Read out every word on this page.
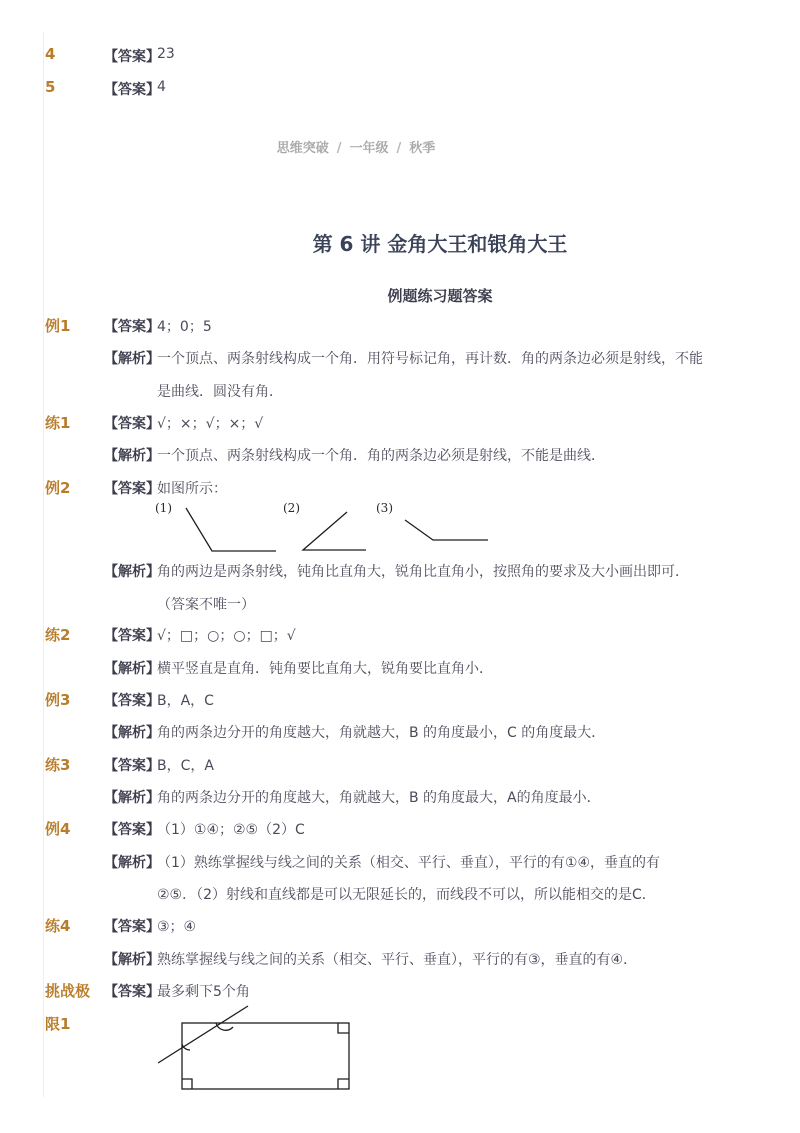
4	【答案】
23
5	【答案】
4
思维突破 / 一年级 / 秋季
第 6 讲 金角大王和银角大王
例题练习题答案
例1 【答案】
4；0；5
【解析】
一个顶点、两条射线构成一个角．用符号标记角，再计数．角的两条边必须是射线，不能
是曲线．圆没有角．
练1 【答案】
√；×；√；×；√
【解析】
一个顶点、两条射线构成一个角．角的两条边必须是射线，不能是曲线．
例2 【答案】
如图所示：
(1)	(2)	(3)
【解析】
角的两边是两条射线，钝角比直角大，锐角比直角小，按照角的要求及大小画出即可．
（答案不唯一）
练2 【答案】
√；□；○；○；□；√
【解析】
横平竖直是直角．钝角要比直角大，锐角要比直角小．
例3 【答案】
B，A，C
【解析】
角的两条边分开的角度越大，角就越大，B 的角度最小，C 的角度最大．
练3 【答案】
B，C，A
【解析】
角的两条边分开的角度越大，角就越大，B 的角度最大，A的角度最小．
例4 【答案】
（1）①④；②⑤（2）C
【解析】
（1）熟练掌握线与线之间的关系（相交、平行、垂直），平行的有①④，垂直的有
②⑤．（2）射线和直线都是可以无限延长的，而线段不可以，所以能相交的是C．
练4 【答案】
③；④
【解析】
熟练掌握线与线之间的关系（相交、平行、垂直），平行的有③，垂直的有④．
挑战极
限1
【答案】
最多剩下5个角
